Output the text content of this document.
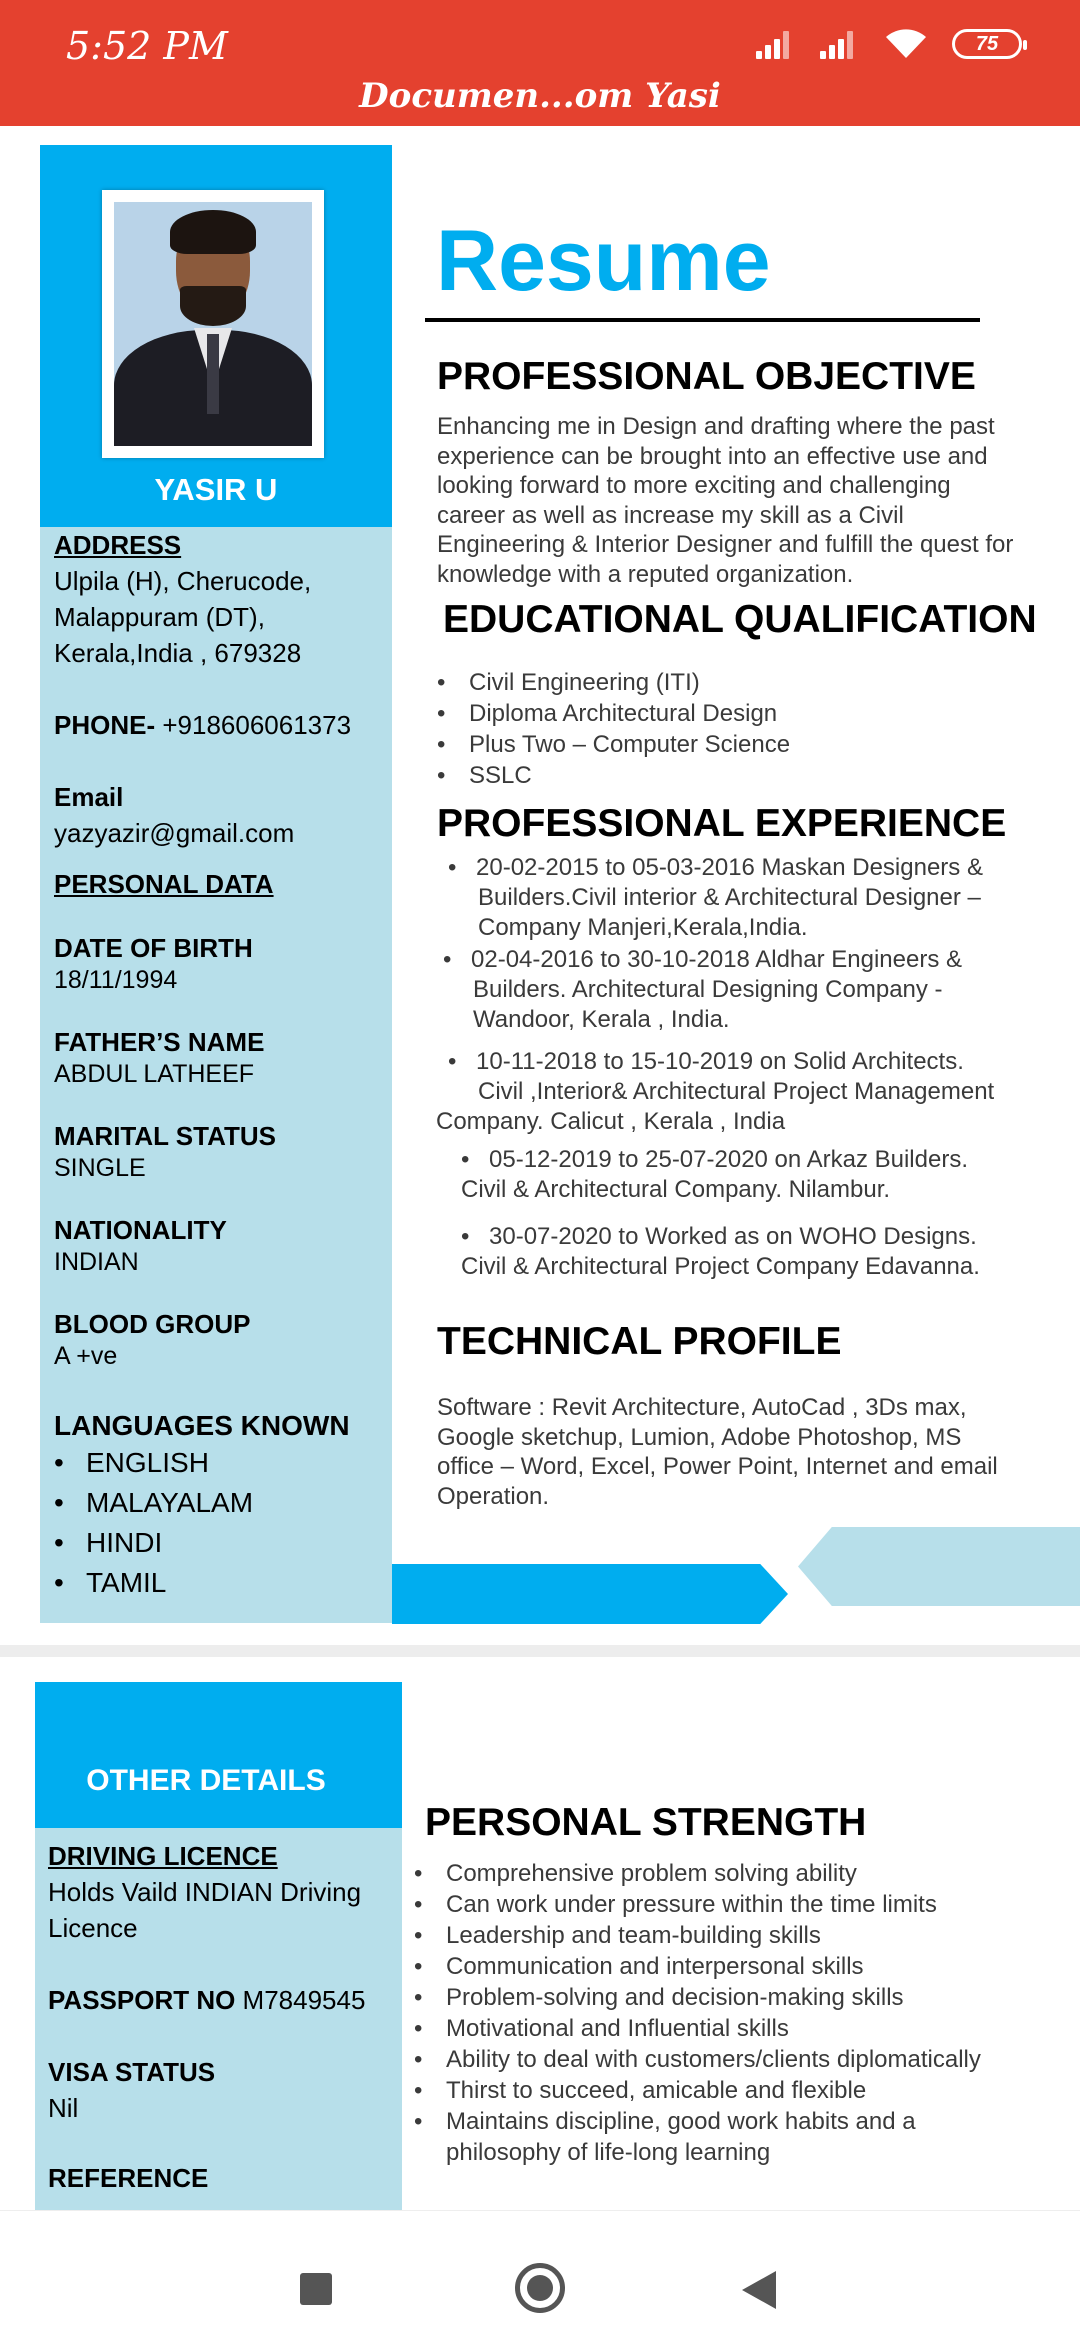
5:52 PM	75
Documen...om Yasi
YASIR U
ADDRESS
Ulpila (H), Cherucode,
Malappuram (DT),
Kerala,India , 679328
PHONE- +918606061373
Email
yazyazir@gmail.com
PERSONAL DATA
DATE OF BIRTH
18/11/1994
FATHER’S NAME
ABDUL LATHEEF
MARITAL STATUS
SINGLE
NATIONALITY
INDIAN
BLOOD GROUP
A +ve
LANGUAGES KNOWN
• ENGLISH
• MALAYALAM
• HINDI
• TAMIL
Resume
PROFESSIONAL OBJECTIVE
Enhancing me in Design and drafting where the past
experience can be brought into an effective use and
looking forward to more exciting and challenging
career as well as increase my skill as a Civil
Engineering & Interior Designer and fulfill the quest for
knowledge with a reputed organization.
EDUCATIONAL QUALIFICATION
• Civil Engineering (ITI)
• Diploma Architectural Design
• Plus Two – Computer Science
• SSLC
PROFESSIONAL EXPERIENCE
• 20-02-2015 to 05-03-2016 Maskan Designers &
Builders.Civil interior & Architectural Designer –
Company Manjeri,Kerala,India.
• 02-04-2016 to 30-10-2018 Aldhar Engineers &
Builders. Architectural Designing Company -
Wandoor, Kerala , India.
• 10-11-2018 to 15-10-2019 on Solid Architects.
Civil ,Interior& Architectural Project Management
Company. Calicut , Kerala , India
• 05-12-2019 to 25-07-2020 on Arkaz Builders.
Civil & Architectural Company. Nilambur.
• 30-07-2020 to Worked as on WOHO Designs.
Civil & Architectural Project Company Edavanna.
TECHNICAL PROFILE
Software : Revit Architecture, AutoCad , 3Ds max,
Google sketchup, Lumion, Adobe Photoshop, MS
office – Word, Excel, Power Point, Internet and email
Operation.
OTHER DETAILS
DRIVING LICENCE
Holds Vaild INDIAN Driving
Licence
PASSPORT NO M7849545
VISA STATUS
Nil
REFERENCE
PERSONAL STRENGTH
• Comprehensive problem solving ability
• Can work under pressure within the time limits
• Leadership and team-building skills
• Communication and interpersonal skills
• Problem-solving and decision-making skills
• Motivational and Influential skills
• Ability to deal with customers/clients diplomatically
• Thirst to succeed, amicable and flexible
• Maintains discipline, good work habits and a
philosophy of life-long learning
